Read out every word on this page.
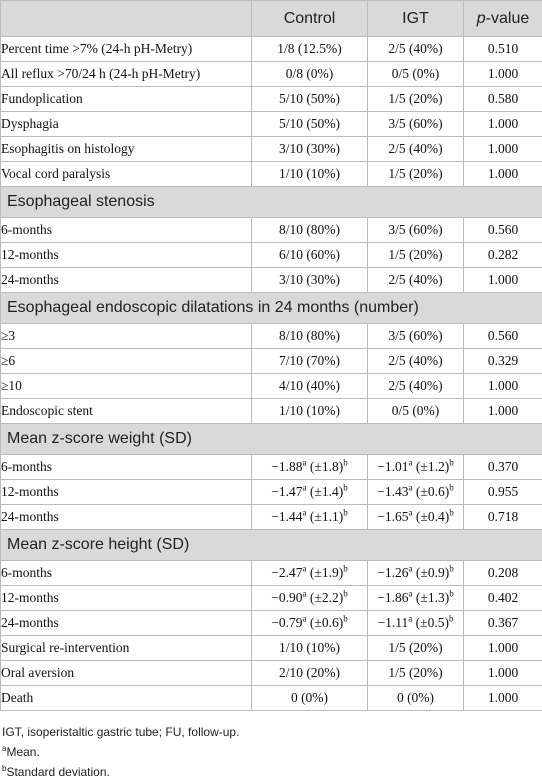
	Control	IGT	p-value
Percent time >7% (24-h pH-Metry)	1/8 (12.5%)	2/5 (40%)	0.510
All reflux >70/24 h (24-h pH-Metry)	0/8 (0%)	0/5 (0%)	1.000
Fundoplication	5/10 (50%)	1/5 (20%)	0.580
Dysphagia	5/10 (50%)	3/5 (60%)	1.000
Esophagitis on histology	3/10 (30%)	2/5 (40%)	1.000
Vocal cord paralysis	1/10 (10%)	1/5 (20%)	1.000
Esophageal stenosis			
6-months	8/10 (80%)	3/5 (60%)	0.560
12-months	6/10 (60%)	1/5 (20%)	0.282
24-months	3/10 (30%)	2/5 (40%)	1.000
Esophageal endoscopic dilatations in 24 months (number)			
≥3	8/10 (80%)	3/5 (60%)	0.560
≥6	7/10 (70%)	2/5 (40%)	0.329
≥10	4/10 (40%)	2/5 (40%)	1.000
Endoscopic stent	1/10 (10%)	0/5 (0%)	1.000
Mean z-score weight (SD)			
6-months	−1.88$^a$ $(\pm 1.8)^b$	−1.01$^a$ $(\pm 1.2)^b$	0.370
12-months	−1.47$^a$ $(\pm 1.4)^b$	−1.43$^a$ $(\pm 0.6)^b$	0.955
24-months	−1.44$^a$ $(\pm 1.1)^b$	−1.65$^a$ $(\pm 0.4)^b$	0.718
Mean z-score height (SD)			
6-months	−2.47$^a$ $(\pm 1.9)^b$	−1.26$^a$ $(\pm 0.9)^b$	0.208
12-months	−0.90$^a$ $(\pm 2.2)^b$	−1.86$^a$ $(\pm 1.3)^b$	0.402
24-months	−0.79$^a$ $(\pm 0.6)^b$	−1.11$^a$ $(\pm 0.5)^b$	0.367
Surgical re-intervention	1/10 (10%)	1/5 (20%)	1.000
Oral aversion	2/10 (20%)	1/5 (20%)	1.000
Death	0 (0%)	0 (0%)	1.000
IGT, isoperistaltic gastric tube; FU, follow-up.
$^a$Mean.
$^b$Standard deviation.
